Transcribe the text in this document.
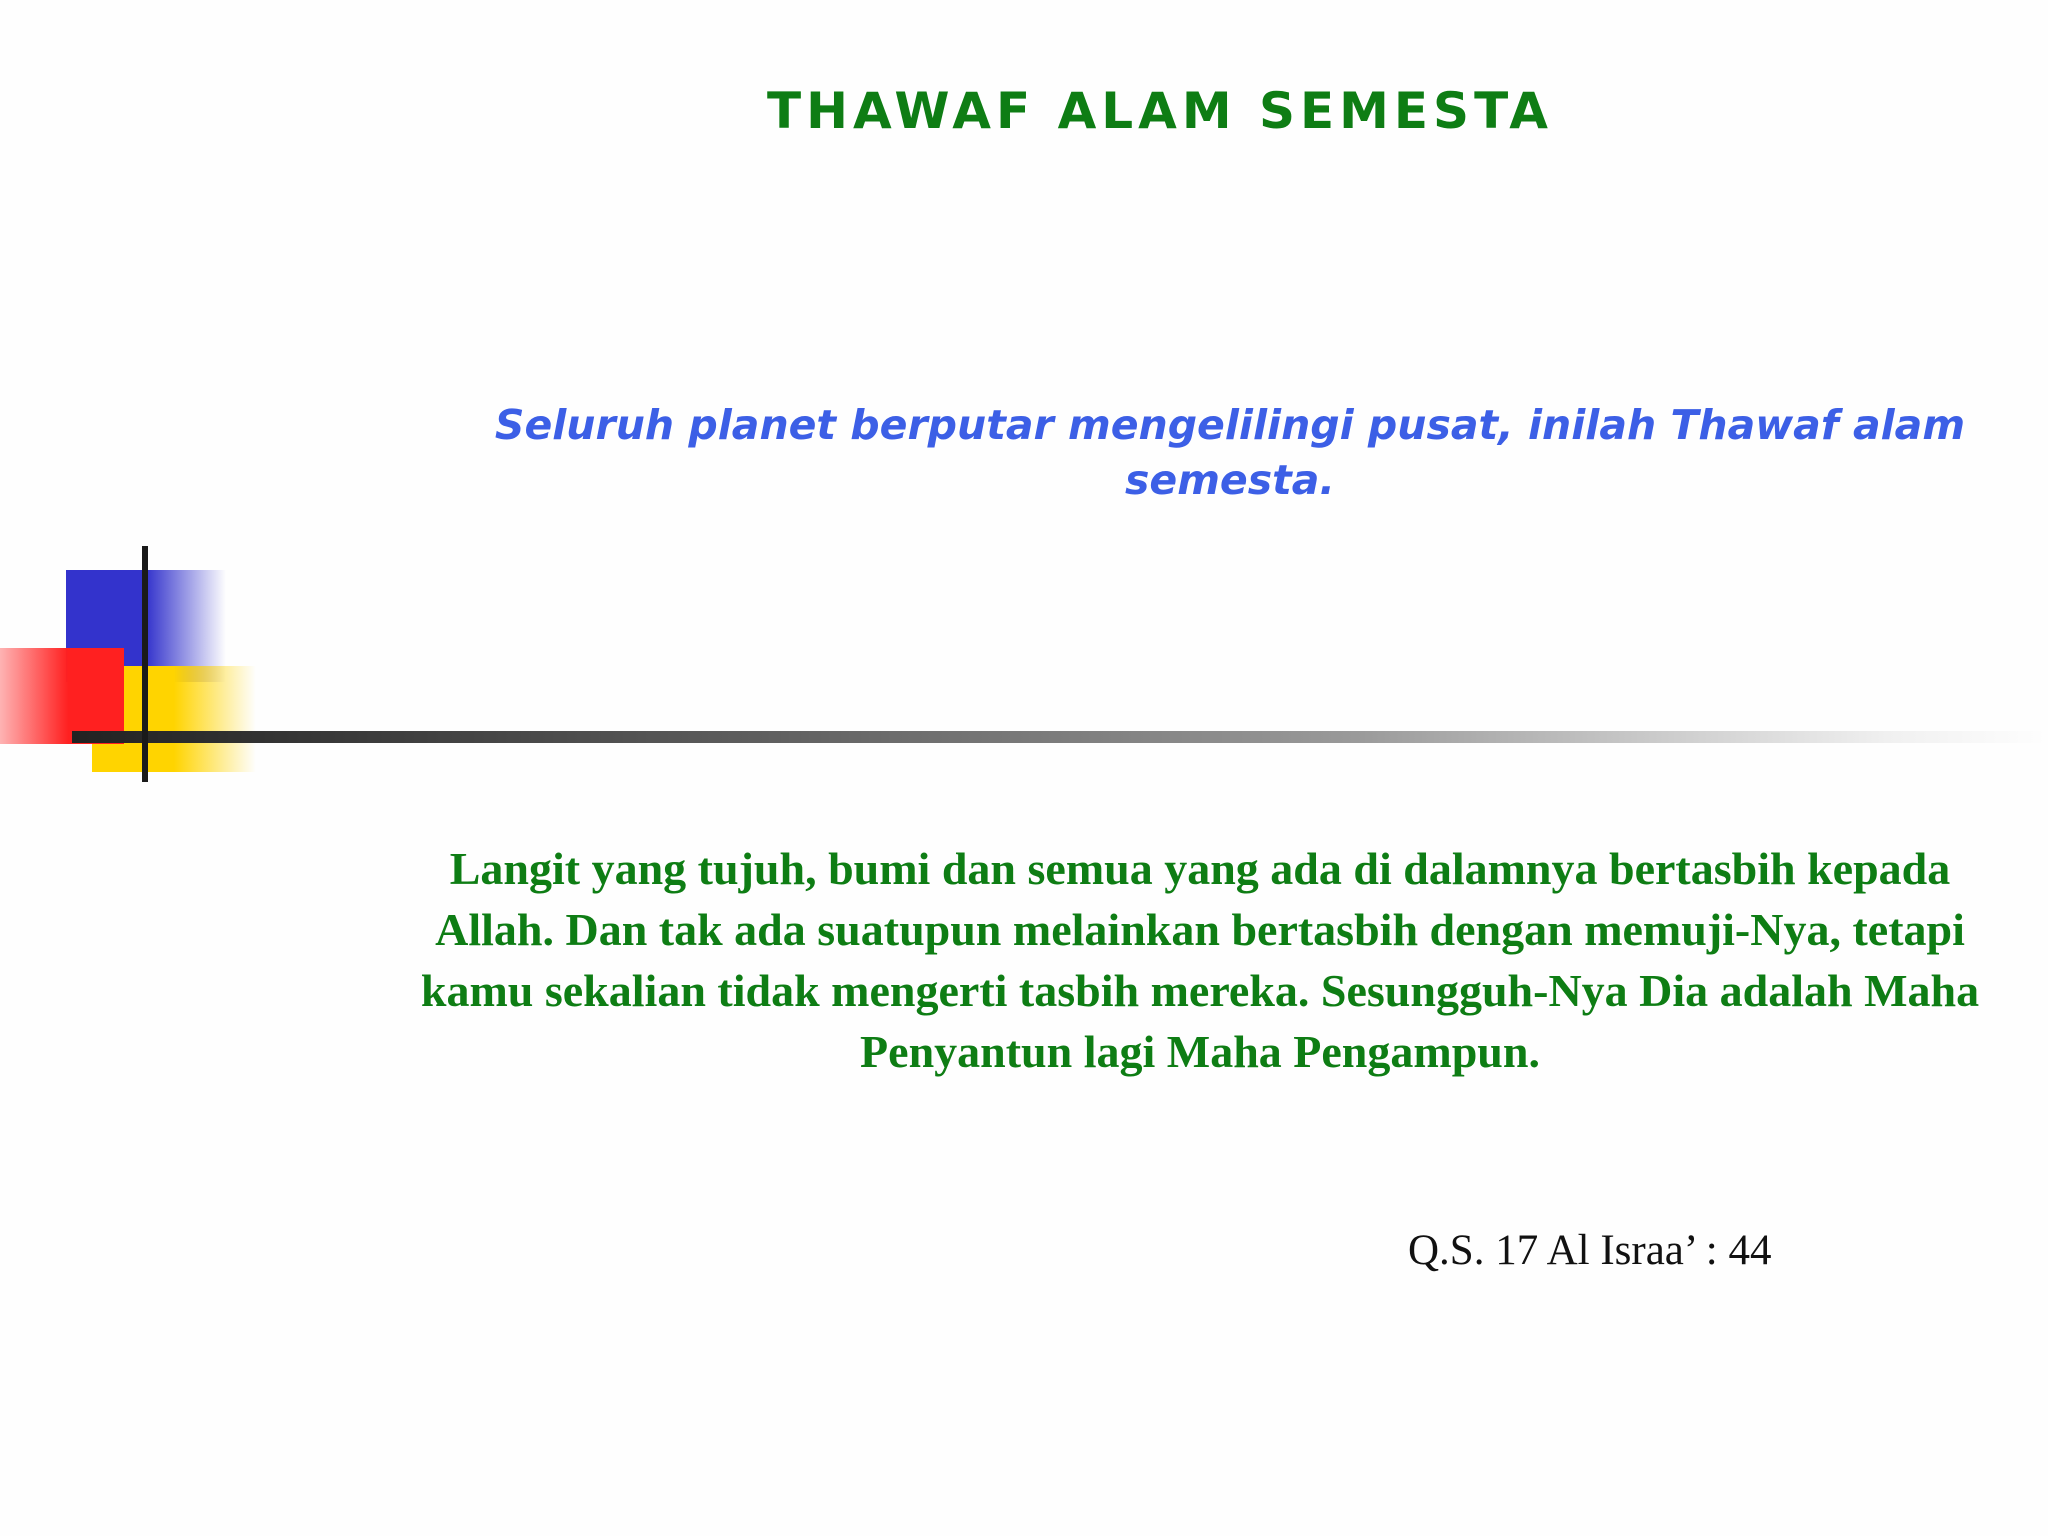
THAWAF ALAM SEMESTA

Seluruh planet berputar mengelilingi pusat, inilah Thawaf alam semesta.

Langit yang tujuh, bumi dan semua yang ada di dalamnya bertasbih kepada Allah. Dan tak ada suatupun melainkan bertasbih dengan memuji-Nya, tetapi kamu sekalian tidak mengerti tasbih mereka. Sesungguh-Nya Dia adalah Maha Penyantun lagi Maha Pengampun.

Q.S. 17 Al Israa’ : 44
